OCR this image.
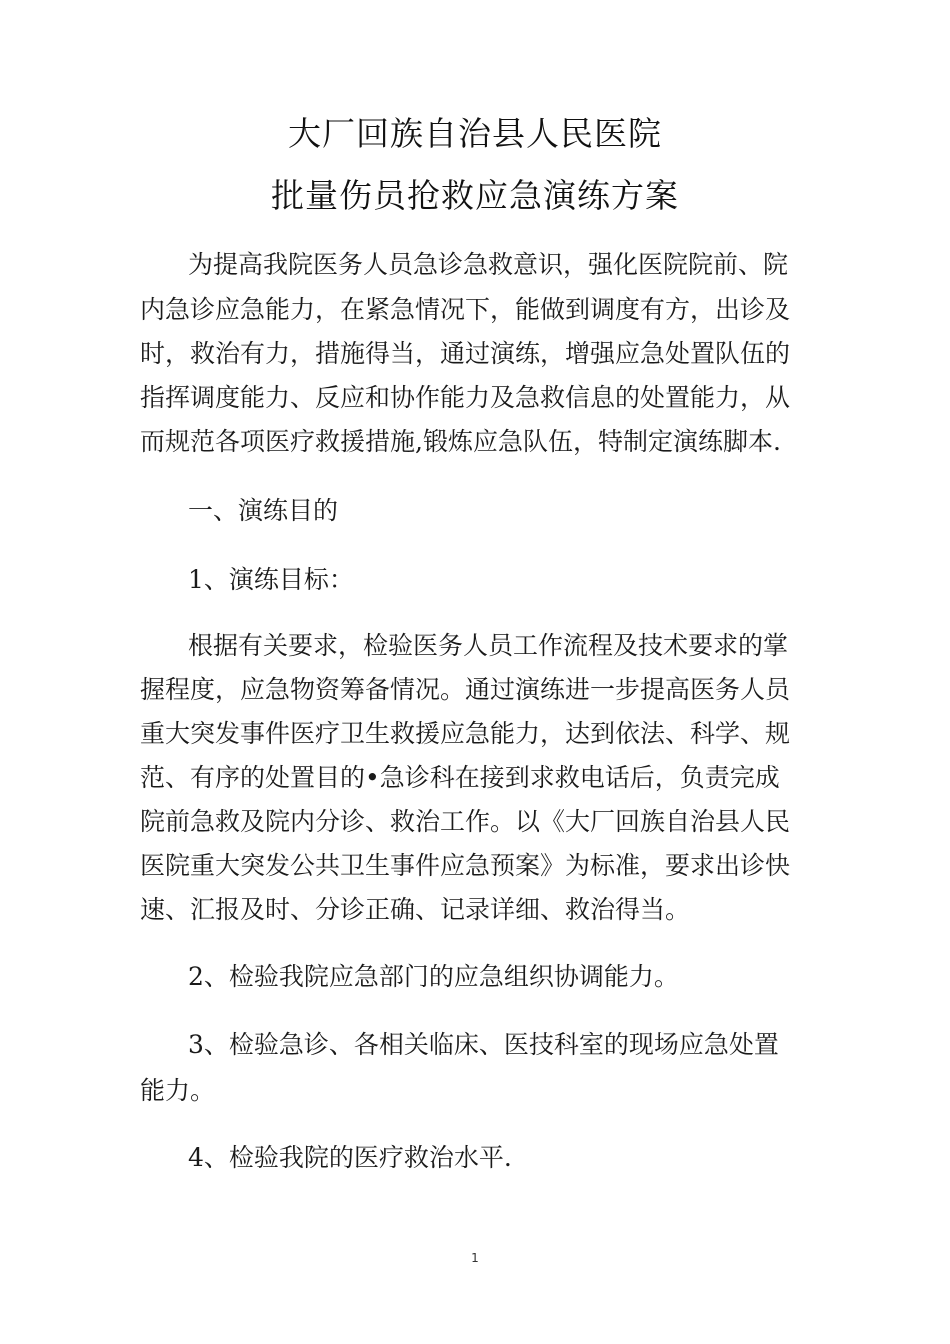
大厂回族自治县人民医院
批量伤员抢救应急演练方案
为提高我院医务人员急诊急救意识，强化医院院前、院
内急诊应急能力，在紧急情况下，能做到调度有方，出诊及
时，救治有力，措施得当，通过演练，增强应急处置队伍的
指挥调度能力、反应和协作能力及急救信息的处置能力，从
而规范各项医疗救援措施,锻炼应急队伍，特制定演练脚本.
一、演练目的
1、演练目标：
根据有关要求，检验医务人员工作流程及技术要求的掌
握程度，应急物资筹备情况。通过演练进一步提高医务人员
重大突发事件医疗卫生救援应急能力，达到依法、科学、规
范、有序的处置目的•急诊科在接到求救电话后，负责完成
院前急救及院内分诊、救治工作。以《大厂回族自治县人民
医院重大突发公共卫生事件应急预案》为标准，要求出诊快
速、汇报及时、分诊正确、记录详细、救治得当。
2、检验我院应急部门的应急组织协调能力。
3、检验急诊、各相关临床、医技科室的现场应急处置
能力。
4、检验我院的医疗救治水平.
1
